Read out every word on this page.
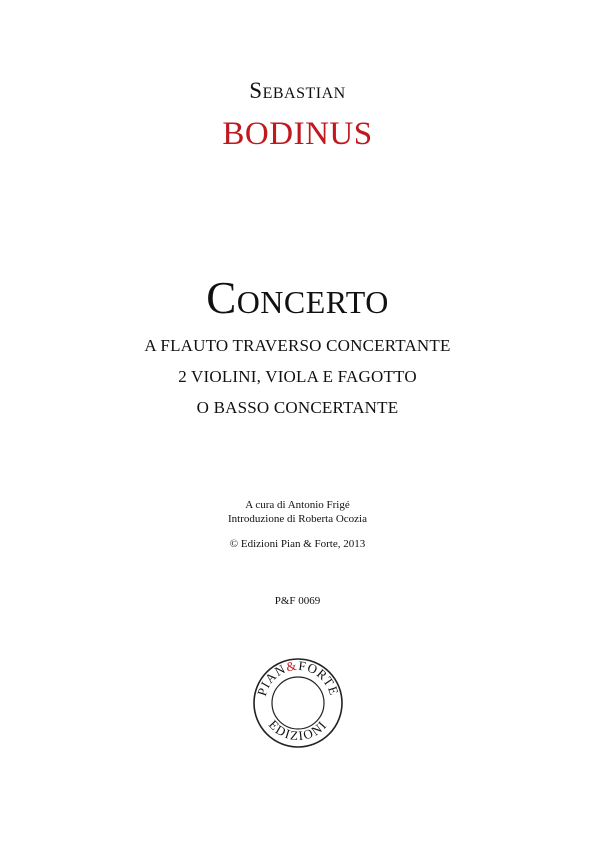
Sebastian
BODINUS
Concerto
A FLAUTO TRAVERSO CONCERTANTE
2 VIOLINI, VIOLA E FAGOTTO
O BASSO CONCERTANTE
A cura di Antonio Frigé
Introduzione di Roberta Ocozia
© Edizioni Pian & Forte, 2013
P&F 0069
PIAN&FORTE
EDIZIONI
